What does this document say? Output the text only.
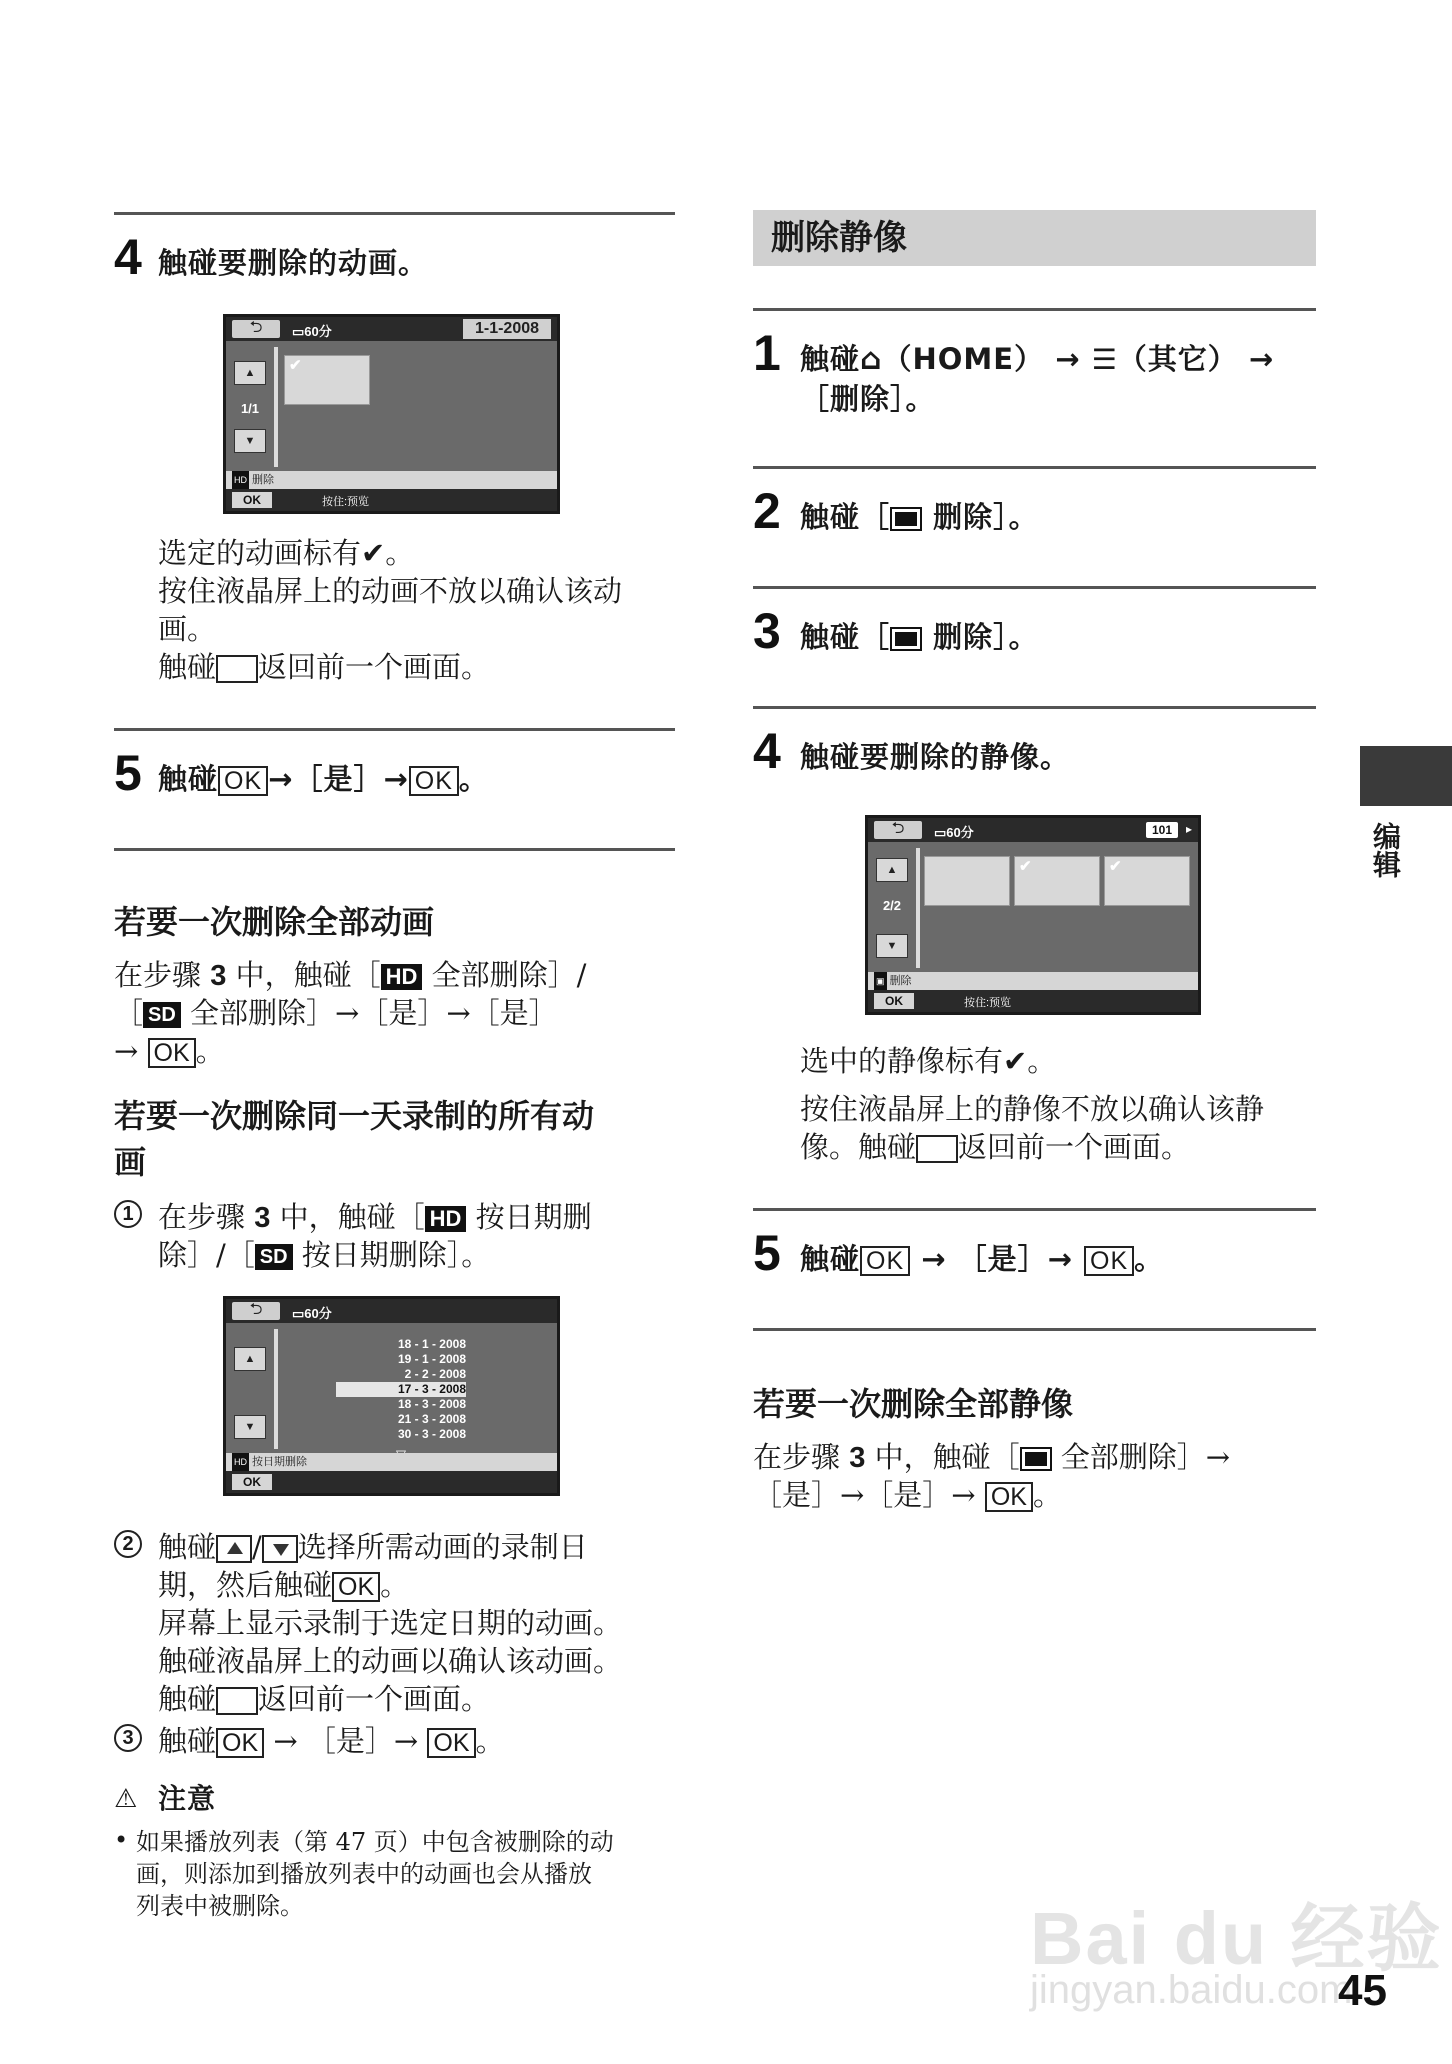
4 触碰要删除的动画。
⮌	▭60分	1-1-2008
▲
1/1
▼
✔
HD 删除
OK	按住:预览
选定的动画标有✔。
按住液晶屏上的动画不放以确认该动
画。
触碰 返回前一个画面。
5 触碰 OK →［是］→ OK 。
若要一次删除全部动画
在步骤 3 中，触碰［ HD 全部删除］/
［ SD 全部删除］→［是］→［是］
→ OK 。
若要一次删除同一天录制的所有动
画
1 在步骤 3 中，触碰［ HD 按日期删
除］/［ SD 按日期删除］。
⮌	▭60分
▲
▼
18 - 1 - 2008
19 - 1 - 2008
2 - 2 - 2008
17 - 3 - 2008
18 - 3 - 2008
21 - 3 - 2008
30 - 3 - 2008
HD 按日期删除
OK
2 触碰 / 选择所需动画的录制日
期，然后触碰 OK 。
屏幕上显示录制于选定日期的动画。
触碰液晶屏上的动画以确认该动画。
触碰 返回前一个画面。
3 触碰 OK → ［是］→ OK 。
⚠ 注意
• 如果播放列表（第 47 页）中包含被删除的动
画，则添加到播放列表中的动画也会从播放
列表中被删除。
删除静像
1 触碰⌂（HOME） → ☰（其它） →
［删除］。
2 触碰［ 删除］。
3 触碰［ 删除］。
4 触碰要删除的静像。
⮌	▭60分	101	▸
▲
2/2
▼
✔	✔
▣ 删除
OK	按住:预览
选中的静像标有✔。
按住液晶屏上的静像不放以确认该静
像。触碰 返回前一个画面。
5 触碰 OK → ［是］→ OK 。
若要一次删除全部静像
在步骤 3 中，触碰［ 全部删除］→
［是］→［是］→ OK 。
编辑
Bai du 经验
jingyan.baidu.com
45
